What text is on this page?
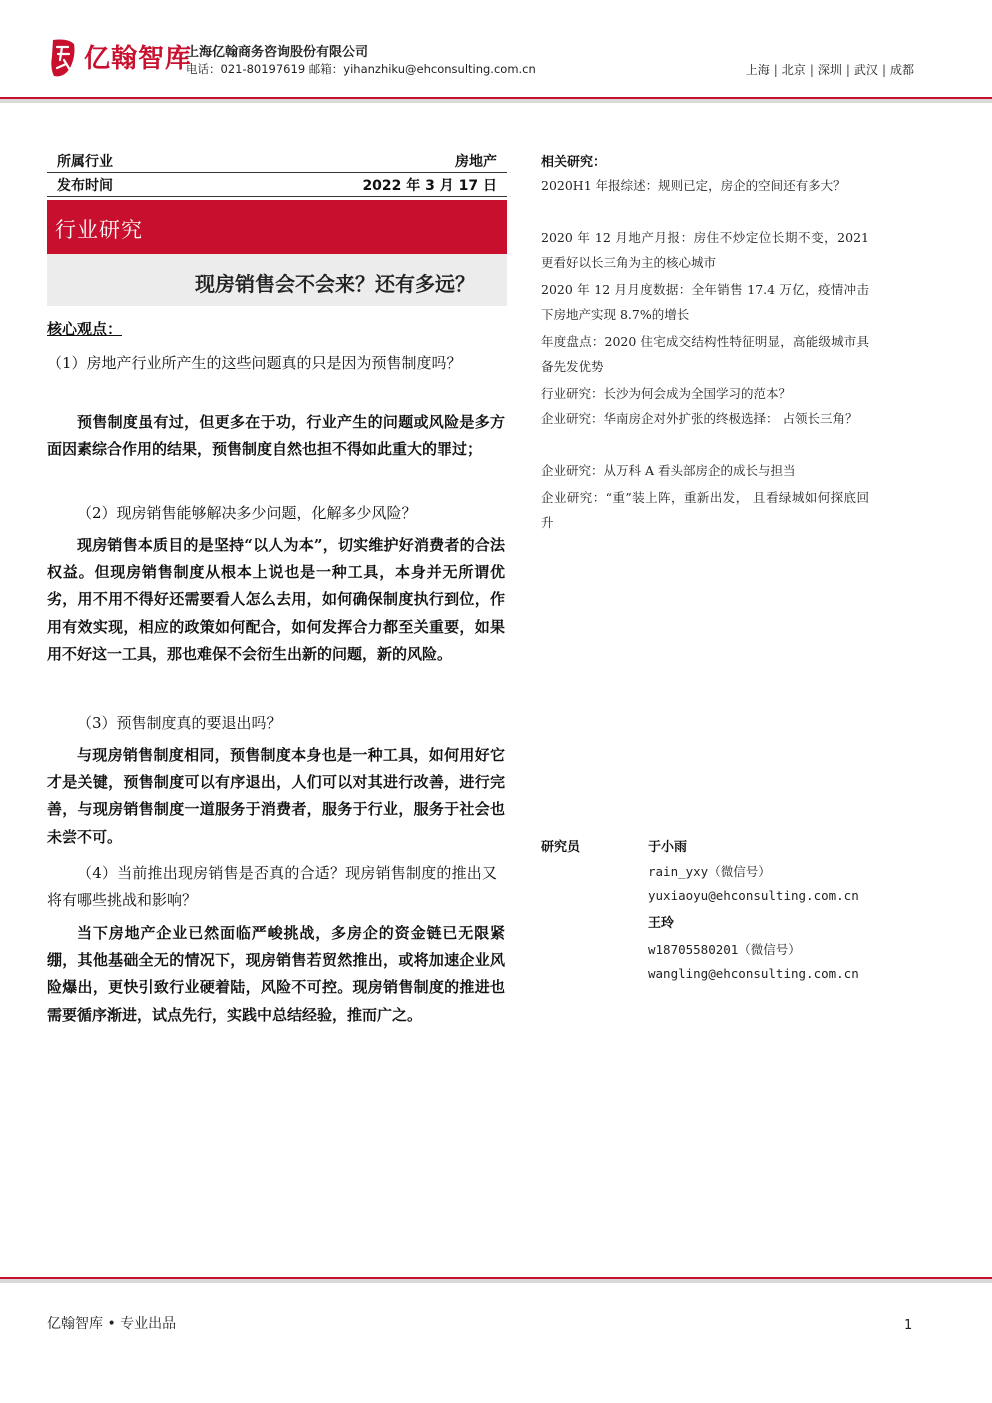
亿翰智库
上海亿翰商务咨询股份有限公司
电话：021-80197619 邮箱：yihanzhiku@ehconsulting.com.cn	上海 | 北京 | 深圳 | 武汉 | 成都
所属行业	房地产
发布时间	2022 年 3 月 17 日
行业研究
现房销售会不会来？还有多远？
核心观点：
（1）房地产行业所产生的这些问题真的只是因为预售制度吗？
预售制度虽有过，但更多在于功，行业产生的问题或风险是多方面因素综合作用的结果，预售制度自然也担不得如此重大的罪过；
（2）现房销售能够解决多少问题，化解多少风险？
现房销售本质目的是坚持“以人为本”，切实维护好消费者的合法权益。但现房销售制度从根本上说也是一种工具，本身并无所谓优劣，用不用不得好还需要看人怎么去用，如何确保制度执行到位，作用有效实现，相应的政策如何配合，如何发挥合力都至关重要，如果用不好这一工具，那也难保不会衍生出新的问题，新的风险。
（3）预售制度真的要退出吗？
与现房销售制度相同，预售制度本身也是一种工具，如何用好它才是关键，预售制度可以有序退出，人们可以对其进行改善，进行完善，与现房销售制度一道服务于消费者，服务于行业，服务于社会也未尝不可。
（4）当前推出现房销售是否真的合适？现房销售制度的推出又将有哪些挑战和影响？
当下房地产企业已然面临严峻挑战，多房企的资金链已无限紧绷，其他基础全无的情况下，现房销售若贸然推出，或将加速企业风险爆出，更快引致行业硬着陆，风险不可控。现房销售制度的推进也需要循序渐进，试点先行，实践中总结经验，推而广之。
相关研究：
2020H1 年报综述：规则已定，房企的空间还有多大？
2020 年 12 月地产月报：房住不炒定位长期不变，2021 更看好以长三角为主的核心城市
2020 年 12 月月度数据：全年销售 17.4 万亿，疫情冲击下房地产实现 8.7%的增长
年度盘点：2020 住宅成交结构性特征明显，高能级城市具备先发优势
行业研究：长沙为何会成为全国学习的范本？
企业研究：华南房企对外扩张的终极选择： 占领长三角？
企业研究：从万科 A 看头部房企的成长与担当
企业研究：“重”装上阵，重新出发， 且看绿城如何探底回升
研究员	于小雨
rain_yxy（微信号）
yuxiaoyu@ehconsulting.com.cn
王玲
w18705580201（微信号）
wangling@ehconsulting.com.cn
亿翰智库 • 专业出品	1
